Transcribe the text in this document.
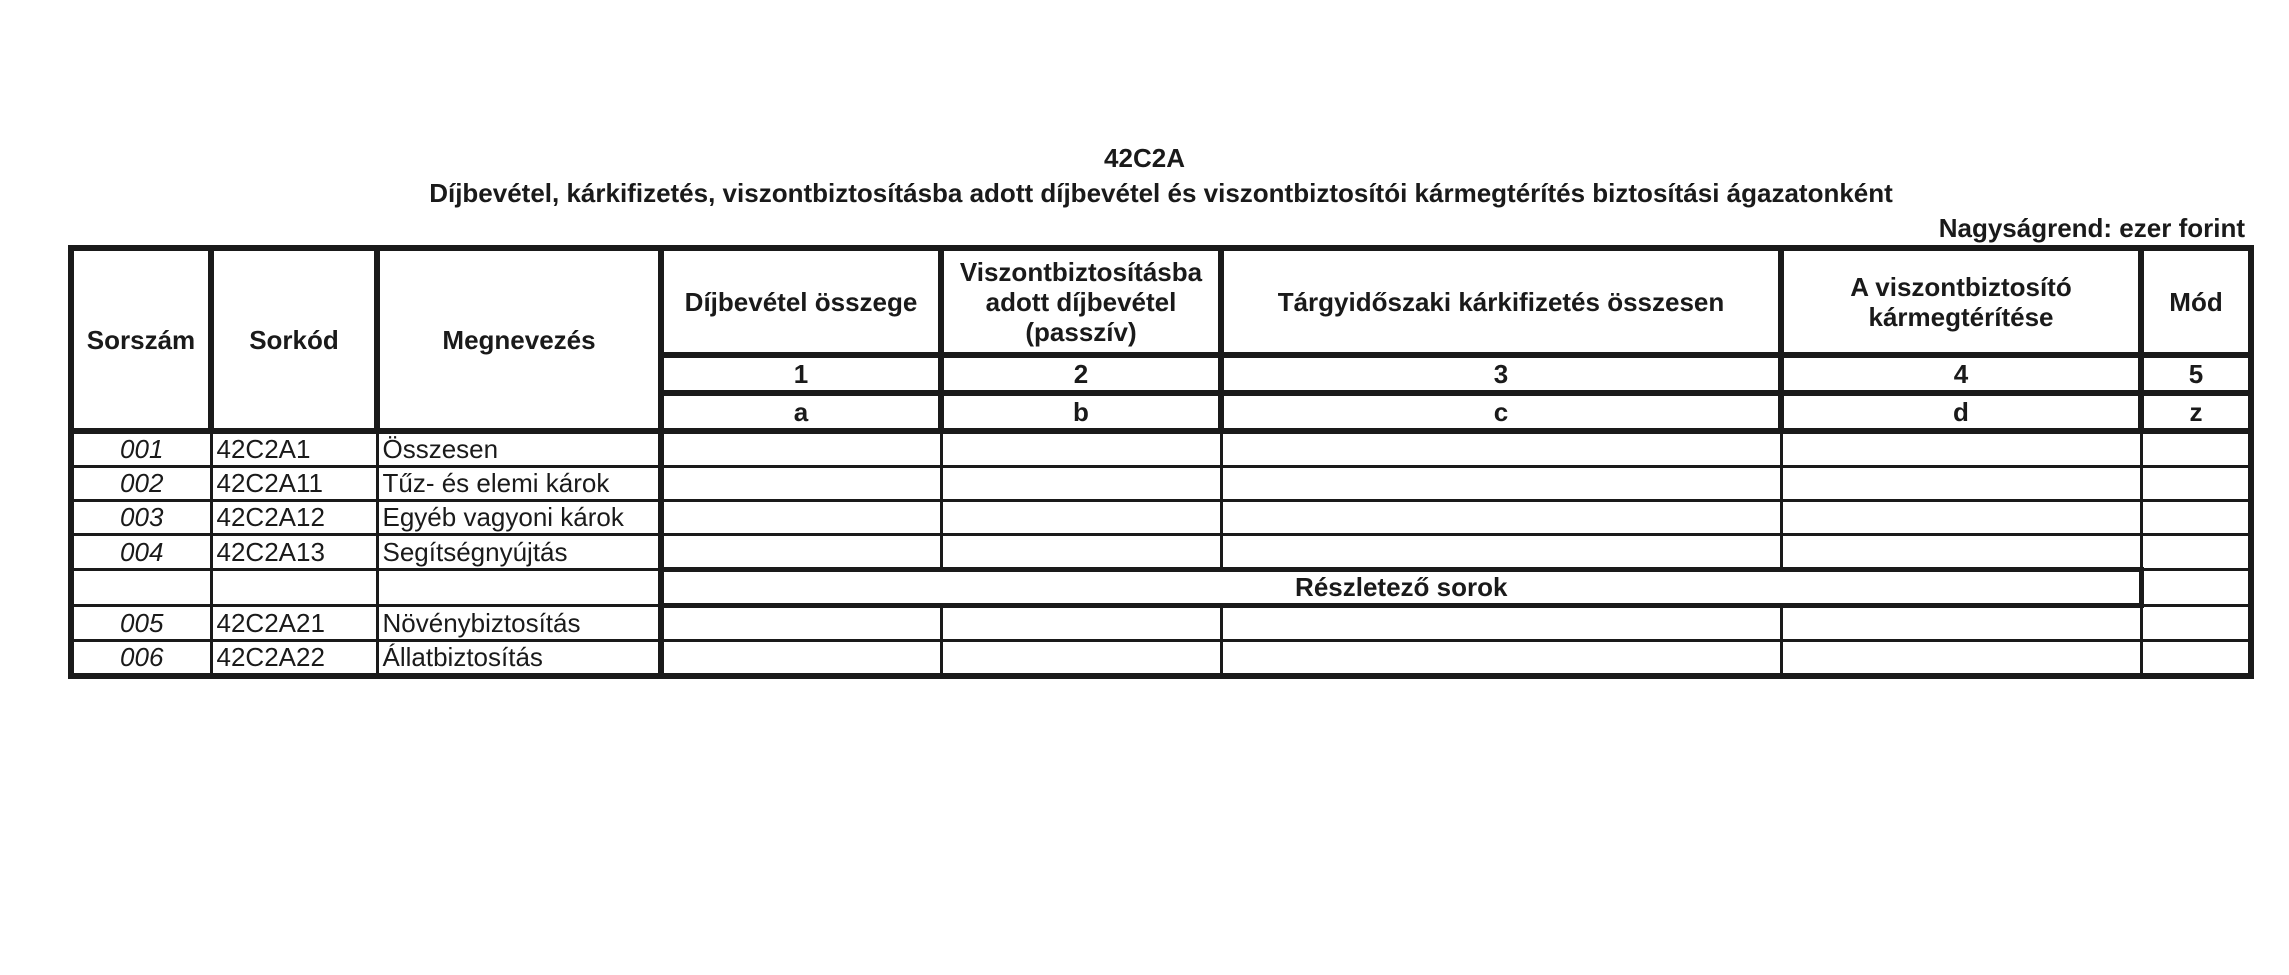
42C2A
Díjbevétel, kárkifizetés, viszontbiztosításba adott díjbevétel és viszontbiztosítói kármegtérítés biztosítási ágazatonként
Nagyságrend: ezer forint
Sorszám	Sorkód	Megnevezés	Díjbevétel összege	Viszontbiztosításba adott díjbevétel (passzív)	Tárgyidőszaki kárkifizetés összesen	A viszontbiztosító kármegtérítése	Mód
			1	2	3	4	5
			a	b	c	d	z
001	42C2A1	Összesen					
002	42C2A11	Tűz- és elemi károk					
003	42C2A12	Egyéb vagyoni károk					
004	42C2A13	Segítségnyújtás					
			Részletező sorok				
005	42C2A21	Növénybiztosítás					
006	42C2A22	Állatbiztosítás					
